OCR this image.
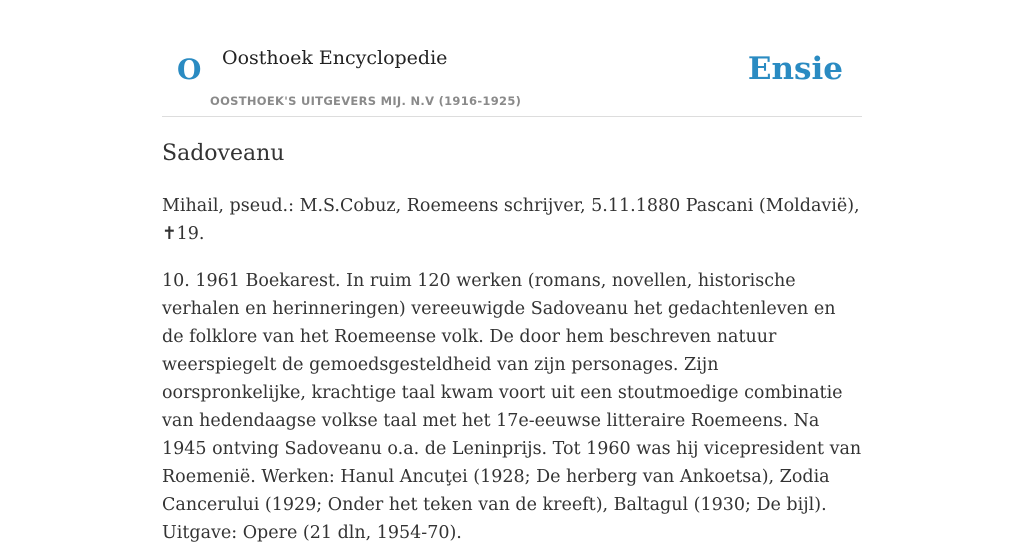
O Oosthoek Encyclopedie
OOSTHOEK'S UITGEVERS MIJ. N.V (1916-1925)
Ensie
Sadoveanu

Mihail, pseud.: M.S.Cobuz, Roemeens schrijver, 5.11.1880 Pascani (Moldavië), ✝19.

10. 1961 Boekarest. In ruim 120 werken (romans, novellen, historische verhalen en herinneringen) vereeuwigde Sadoveanu het gedachtenleven en de folklore van het Roemeense volk. De door hem beschreven natuur weerspiegelt de gemoedsgesteldheid van zijn personages. Zijn oorspronkelijke, krachtige taal kwam voort uit een stoutmoedige combinatie van hedendaagse volkse taal met het 17e-eeuwse litteraire Roemeens. Na 1945 ontving Sadoveanu o.a. de Leninprijs. Tot 1960 was hij vicepresident van Roemenië. Werken: Hanul Ancuţei (1928; De herberg van Ankoetsa), Zodia Cancerului (1929; Onder het teken van de kreeft), Baltagul (1930; De bijl). Uitgave: Opere (21 dln, 1954-70).
